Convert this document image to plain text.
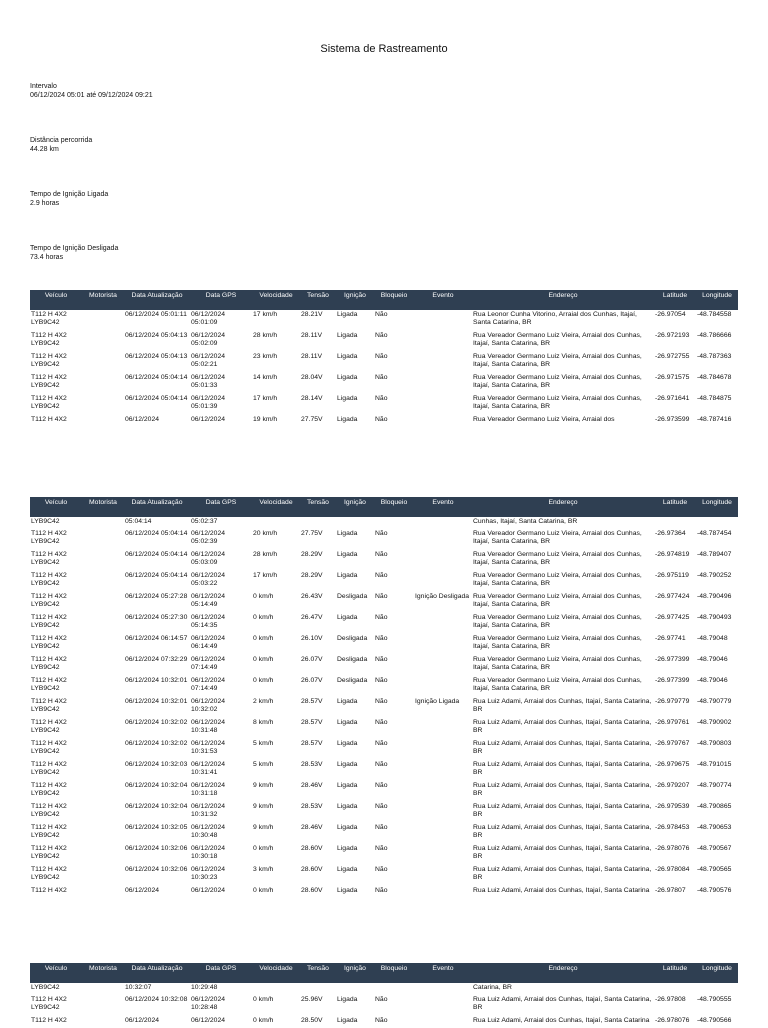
Sistema de Rastreamento
Intervalo
06/12/2024 05:01 até 09/12/2024 09:21
Distância percorrida
44.28 km
Tempo de Ignição Ligada
2.9 horas
Tempo de Ignição Desligada
73.4 horas
Veículo	Motorista	Data Atualização	Data GPS	Velocidade	Tensão	Ignição	Bloqueio	Evento	Endereço	Latitude	Longitude
T112 H 4X2 LYB9C42		06/12/2024 05:01:11	06/12/2024 05:01:09	17 km/h	28.21V	Ligada	Não		Rua Leonor Cunha Vitorino, Arraial dos Cunhas, Itajaí, Santa Catarina, BR	-26.97054	-48.784558
T112 H 4X2 LYB9C42		06/12/2024 05:04:13	06/12/2024 05:02:09	28 km/h	28.11V	Ligada	Não		Rua Vereador Germano Luiz Vieira, Arraial dos Cunhas, Itajaí, Santa Catarina, BR	-26.972193	-48.786666
T112 H 4X2 LYB9C42		06/12/2024 05:04:13	06/12/2024 05:02:21	23 km/h	28.11V	Ligada	Não		Rua Vereador Germano Luiz Vieira, Arraial dos Cunhas, Itajaí, Santa Catarina, BR	-26.972755	-48.787363
T112 H 4X2 LYB9C42		06/12/2024 05:04:14	06/12/2024 05:01:33	14 km/h	28.04V	Ligada	Não		Rua Vereador Germano Luiz Vieira, Arraial dos Cunhas, Itajaí, Santa Catarina, BR	-26.971575	-48.784678
T112 H 4X2 LYB9C42		06/12/2024 05:04:14	06/12/2024 05:01:39	17 km/h	28.14V	Ligada	Não		Rua Vereador Germano Luiz Vieira, Arraial dos Cunhas, Itajaí, Santa Catarina, BR	-26.971641	-48.784875
T112 H 4X2		06/12/2024	06/12/2024	19 km/h	27.75V	Ligada	Não		Rua Vereador Germano Luiz Vieira, Arraial dos	-26.973599	-48.787416
Veículo	Motorista	Data Atualização	Data GPS	Velocidade	Tensão	Ignição	Bloqueio	Evento	Endereço	Latitude	Longitude
LYB9C42		05:04:14	05:02:37						Cunhas, Itajaí, Santa Catarina, BR		
T112 H 4X2 LYB9C42		06/12/2024 05:04:14	06/12/2024 05:02:39	20 km/h	27.75V	Ligada	Não		Rua Vereador Germano Luiz Vieira, Arraial dos Cunhas, Itajaí, Santa Catarina, BR	-26.97364	-48.787454
T112 H 4X2 LYB9C42		06/12/2024 05:04:14	06/12/2024 05:03:09	28 km/h	28.29V	Ligada	Não		Rua Vereador Germano Luiz Vieira, Arraial dos Cunhas, Itajaí, Santa Catarina, BR	-26.974819	-48.789407
T112 H 4X2 LYB9C42		06/12/2024 05:04:14	06/12/2024 05:03:22	17 km/h	28.29V	Ligada	Não		Rua Vereador Germano Luiz Vieira, Arraial dos Cunhas, Itajaí, Santa Catarina, BR	-26.975119	-48.790252
T112 H 4X2 LYB9C42		06/12/2024 05:27:28	06/12/2024 05:14:49	0 km/h	26.43V	Desligada	Não	Ignição Desligada	Rua Vereador Germano Luiz Vieira, Arraial dos Cunhas, Itajaí, Santa Catarina, BR	-26.977424	-48.790496
T112 H 4X2 LYB9C42		06/12/2024 05:27:30	06/12/2024 05:14:35	0 km/h	26.47V	Ligada	Não		Rua Vereador Germano Luiz Vieira, Arraial dos Cunhas, Itajaí, Santa Catarina, BR	-26.977425	-48.790493
T112 H 4X2 LYB9C42		06/12/2024 06:14:57	06/12/2024 06:14:49	0 km/h	26.10V	Desligada	Não		Rua Vereador Germano Luiz Vieira, Arraial dos Cunhas, Itajaí, Santa Catarina, BR	-26.97741	-48.79048
T112 H 4X2 LYB9C42		06/12/2024 07:32:29	06/12/2024 07:14:49	0 km/h	26.07V	Desligada	Não		Rua Vereador Germano Luiz Vieira, Arraial dos Cunhas, Itajaí, Santa Catarina, BR	-26.977399	-48.79046
T112 H 4X2 LYB9C42		06/12/2024 10:32:01	06/12/2024 07:14:49	0 km/h	26.07V	Desligada	Não		Rua Vereador Germano Luiz Vieira, Arraial dos Cunhas, Itajaí, Santa Catarina, BR	-26.977399	-48.79046
T112 H 4X2 LYB9C42		06/12/2024 10:32:01	06/12/2024 10:32:02	2 km/h	28.57V	Ligada	Não	Ignição Ligada	Rua Luiz Adami, Arraial dos Cunhas, Itajaí, Santa Catarina, BR	-26.979779	-48.790779
T112 H 4X2 LYB9C42		06/12/2024 10:32:02	06/12/2024 10:31:48	8 km/h	28.57V	Ligada	Não		Rua Luiz Adami, Arraial dos Cunhas, Itajaí, Santa Catarina, BR	-26.979761	-48.790902
T112 H 4X2 LYB9C42		06/12/2024 10:32:02	06/12/2024 10:31:53	5 km/h	28.57V	Ligada	Não		Rua Luiz Adami, Arraial dos Cunhas, Itajaí, Santa Catarina, BR	-26.979767	-48.790803
T112 H 4X2 LYB9C42		06/12/2024 10:32:03	06/12/2024 10:31:41	5 km/h	28.53V	Ligada	Não		Rua Luiz Adami, Arraial dos Cunhas, Itajaí, Santa Catarina, BR	-26.979675	-48.791015
T112 H 4X2 LYB9C42		06/12/2024 10:32:04	06/12/2024 10:31:18	9 km/h	28.46V	Ligada	Não		Rua Luiz Adami, Arraial dos Cunhas, Itajaí, Santa Catarina, BR	-26.979207	-48.790774
T112 H 4X2 LYB9C42		06/12/2024 10:32:04	06/12/2024 10:31:32	9 km/h	28.53V	Ligada	Não		Rua Luiz Adami, Arraial dos Cunhas, Itajaí, Santa Catarina, BR	-26.979539	-48.790865
T112 H 4X2 LYB9C42		06/12/2024 10:32:05	06/12/2024 10:30:48	9 km/h	28.46V	Ligada	Não		Rua Luiz Adami, Arraial dos Cunhas, Itajaí, Santa Catarina, BR	-26.978453	-48.790653
T112 H 4X2 LYB9C42		06/12/2024 10:32:06	06/12/2024 10:30:18	0 km/h	28.60V	Ligada	Não		Rua Luiz Adami, Arraial dos Cunhas, Itajaí, Santa Catarina, BR	-26.978076	-48.790567
T112 H 4X2 LYB9C42		06/12/2024 10:32:06	06/12/2024 10:30:23	3 km/h	28.60V	Ligada	Não		Rua Luiz Adami, Arraial dos Cunhas, Itajaí, Santa Catarina, BR	-26.978084	-48.790565
T112 H 4X2		06/12/2024	06/12/2024	0 km/h	28.60V	Ligada	Não		Rua Luiz Adami, Arraial dos Cunhas, Itajaí, Santa Catarina	-26.97807	-48.790576
Veículo	Motorista	Data Atualização	Data GPS	Velocidade	Tensão	Ignição	Bloqueio	Evento	Endereço	Latitude	Longitude
LYB9C42		10:32:07	10:29:48						Catarina, BR		
T112 H 4X2 LYB9C42		06/12/2024 10:32:08	06/12/2024 10:28:48	0 km/h	25.96V	Ligada	Não		Rua Luiz Adami, Arraial dos Cunhas, Itajaí, Santa Catarina, BR	-26.97808	-48.790555
T112 H 4X2		06/12/2024	06/12/2024	0 km/h	28.50V	Ligada	Não		Rua Luiz Adami, Arraial dos Cunhas, Itajaí, Santa Catarina	-26.978076	-48.790566
